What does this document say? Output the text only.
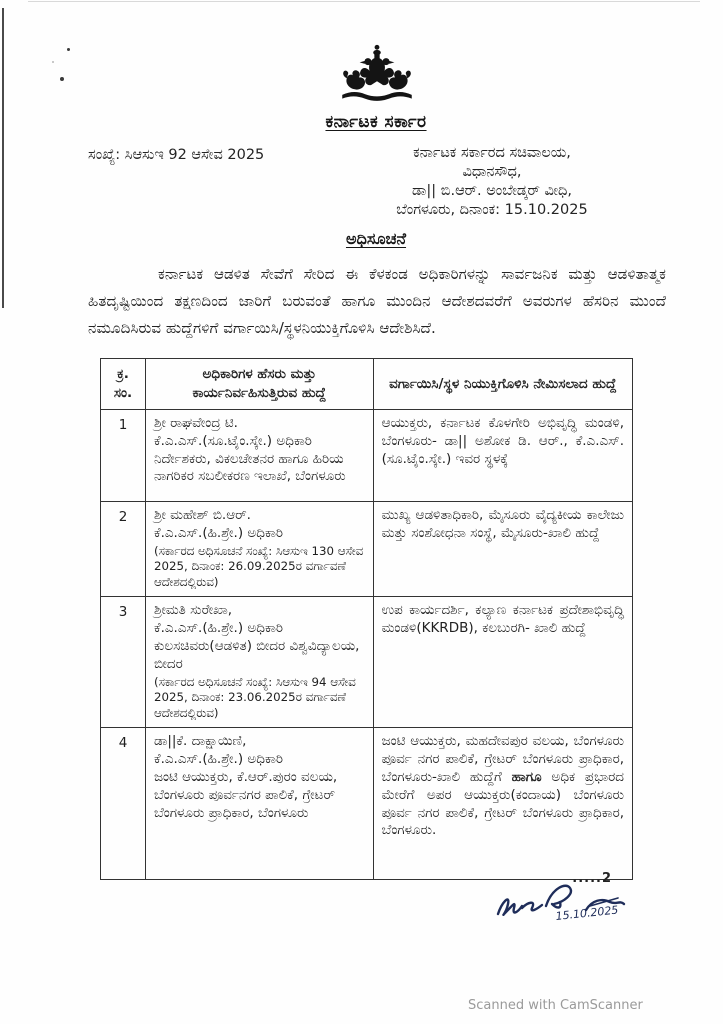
ಕರ್ನಾಟಕ ಸರ್ಕಾರ
ಸಂಖ್ಯೆ: ಸಿಆಸುಇ 92 ಆಸೇವ 2025	ಕರ್ನಾಟಕ ಸರ್ಕಾರದ ಸಚಿವಾಲಯ,
ವಿಧಾನಸೌಧ,
ಡಾ|| ಬಿ.ಆರ್. ಅಂಬೇಡ್ಕರ್ ವೀಧಿ,
ಬೆಂಗಳೂರು, ದಿನಾಂಕ: 15.10.2025
ಅಧಿಸೂಚನೆ
ಕರ್ನಾಟಕ ಆಡಳಿತ ಸೇವೆಗೆ ಸೇರಿದ ಈ ಕೆಳಕಂಡ ಅಧಿಕಾರಿಗಳನ್ನು ಸಾರ್ವಜನಿಕ ಮತ್ತು ಆಡಳಿತಾತ್ಮಕ ಹಿತದೃಷ್ಟಿಯಿಂದ ತಕ್ಷಣದಿಂದ ಜಾರಿಗೆ ಬರುವಂತೆ ಹಾಗೂ ಮುಂದಿನ ಆದೇಶದವರೆಗೆ ಅವರುಗಳ ಹೆಸರಿನ ಮುಂದೆ ನಮೂದಿಸಿರುವ ಹುದ್ದೆಗಳಿಗೆ ವರ್ಗಾಯಿಸಿ/ಸ್ಥಳನಿಯುಕ್ತಿಗೊಳಿಸಿ ಆದೇಶಿಸಿದೆ.
ಕ್ರ. ಸಂ.	ಅಧಿಕಾರಿಗಳ ಹೆಸರು ಮತ್ತು ಕಾರ್ಯನಿರ್ವಹಿಸುತ್ತಿರುವ ಹುದ್ದೆ	ವರ್ಗಾಯಿಸಿ/ಸ್ಥಳ ನಿಯುಕ್ತಿಗೊಳಿಸಿ ನೇಮಿಸಲಾದ ಹುದ್ದೆ
1	ಶ್ರೀ ರಾಘವೇಂದ್ರ ಟಿ.
ಕೆ.ಎ.ಎಸ್.(ಸೂ.ಟೈಂ.ಸ್ಕೇ.) ಅಧಿಕಾರಿ
ನಿರ್ದೇಶಕರು, ವಿಕಲಚೇತನರ ಹಾಗೂ ಹಿರಿಯ ನಾಗರಿಕರ ಸಬಲೀಕರಣ ಇಲಾಖೆ, ಬೆಂಗಳೂರು	ಆಯುಕ್ತರು, ಕರ್ನಾಟಕ ಕೊಳಗೇರಿ ಅಭಿವೃದ್ಧಿ ಮಂಡಳಿ, ಬೆಂಗಳೂರು- ಡಾ|| ಅಶೋಕ ಡಿ. ಆರ್., ಕೆ.ಎ.ಎಸ್.(ಸೂ.ಟೈಂ.ಸ್ಕೇ.) ಇವರ ಸ್ಥಳಕ್ಕೆ
2	ಶ್ರೀ ಮಹೇಶ್ ಬಿ.ಆರ್.
ಕೆ.ಎ.ಎಸ್.(ಹಿ.ಶ್ರೇ.) ಅಧಿಕಾರಿ
(ಸರ್ಕಾರದ ಅಧಿಸೂಚನೆ ಸಂಖ್ಯೆ: ಸಿಆಸುಇ 130 ಆಸೇವ 2025, ದಿನಾಂಕ: 26.09.2025ರ ವರ್ಗಾವಣೆ ಆದೇಶದಲ್ಲಿರುವ)	ಮುಖ್ಯ ಆಡಳಿತಾಧಿಕಾರಿ, ಮೈಸೂರು ವೈದ್ಯಕೀಯ ಕಾಲೇಜು ಮತ್ತು ಸಂಶೋಧನಾ ಸಂಸ್ಥೆ, ಮೈಸೂರು-ಖಾಲಿ ಹುದ್ದೆ
3	ಶ್ರೀಮತಿ ಸುರೇಖಾ,
ಕೆ.ಎ.ಎಸ್.(ಹಿ.ಶ್ರೇ.) ಅಧಿಕಾರಿ
ಕುಲಸಚಿವರು(ಆಡಳಿತ) ಬೀದರ ವಿಶ್ವವಿದ್ಯಾಲಯ, ಬೀದರ
(ಸರ್ಕಾರದ ಅಧಿಸೂಚನೆ ಸಂಖ್ಯೆ: ಸಿಆಸುಇ 94 ಆಸೇವ 2025, ದಿನಾಂಕ: 23.06.2025ರ ವರ್ಗಾವಣೆ ಆದೇಶದಲ್ಲಿರುವ)	ಉಪ ಕಾರ್ಯದರ್ಶಿ, ಕಲ್ಯಾಣ ಕರ್ನಾಟಕ ಪ್ರದೇಶಾಭಿವೃದ್ಧಿ ಮಂಡಳಿ(KKRDB), ಕಲಬುರಗಿ- ಖಾಲಿ ಹುದ್ದೆ
4	ಡಾ||ಕೆ. ದಾಕ್ಷಾಯಿಣಿ,
ಕೆ.ಎ.ಎಸ್.(ಹಿ.ಶ್ರೇ.) ಅಧಿಕಾರಿ
ಜಂಟಿ ಆಯುಕ್ತರು, ಕೆ.ಆರ್.ಪುರಂ ವಲಯ, ಬೆಂಗಳೂರು ಪೂರ್ವನಗರ ಪಾಲಿಕೆ, ಗ್ರೇಟರ್ ಬೆಂಗಳೂರು ಪ್ರಾಧಿಕಾರ, ಬೆಂಗಳೂರು
	ಜಂಟಿ ಆಯುಕ್ತರು, ಮಹದೇವಪುರ ವಲಯ, ಬೆಂಗಳೂರು ಪೂರ್ವ ನಗರ ಪಾಲಿಕೆ, ಗ್ರೇಟರ್ ಬೆಂಗಳೂರು ಪ್ರಾಧಿಕಾರ, ಬೆಂಗಳೂರು-ಖಾಲಿ ಹುದ್ದೆಗೆ ಹಾಗೂ ಅಧಿಕ ಪ್ರಭಾರದ ಮೇರೆಗೆ ಅಪರ ಆಯುಕ್ತರು(ಕಂದಾಯ) ಬೆಂಗಳೂರು ಪೂರ್ವ ನಗರ ಪಾಲಿಕೆ, ಗ್ರೇಟರ್ ಬೆಂಗಳೂರು ಪ್ರಾಧಿಕಾರ, ಬೆಂಗಳೂರು.
.....2
15.10.2025
Scanned with CamScanner
